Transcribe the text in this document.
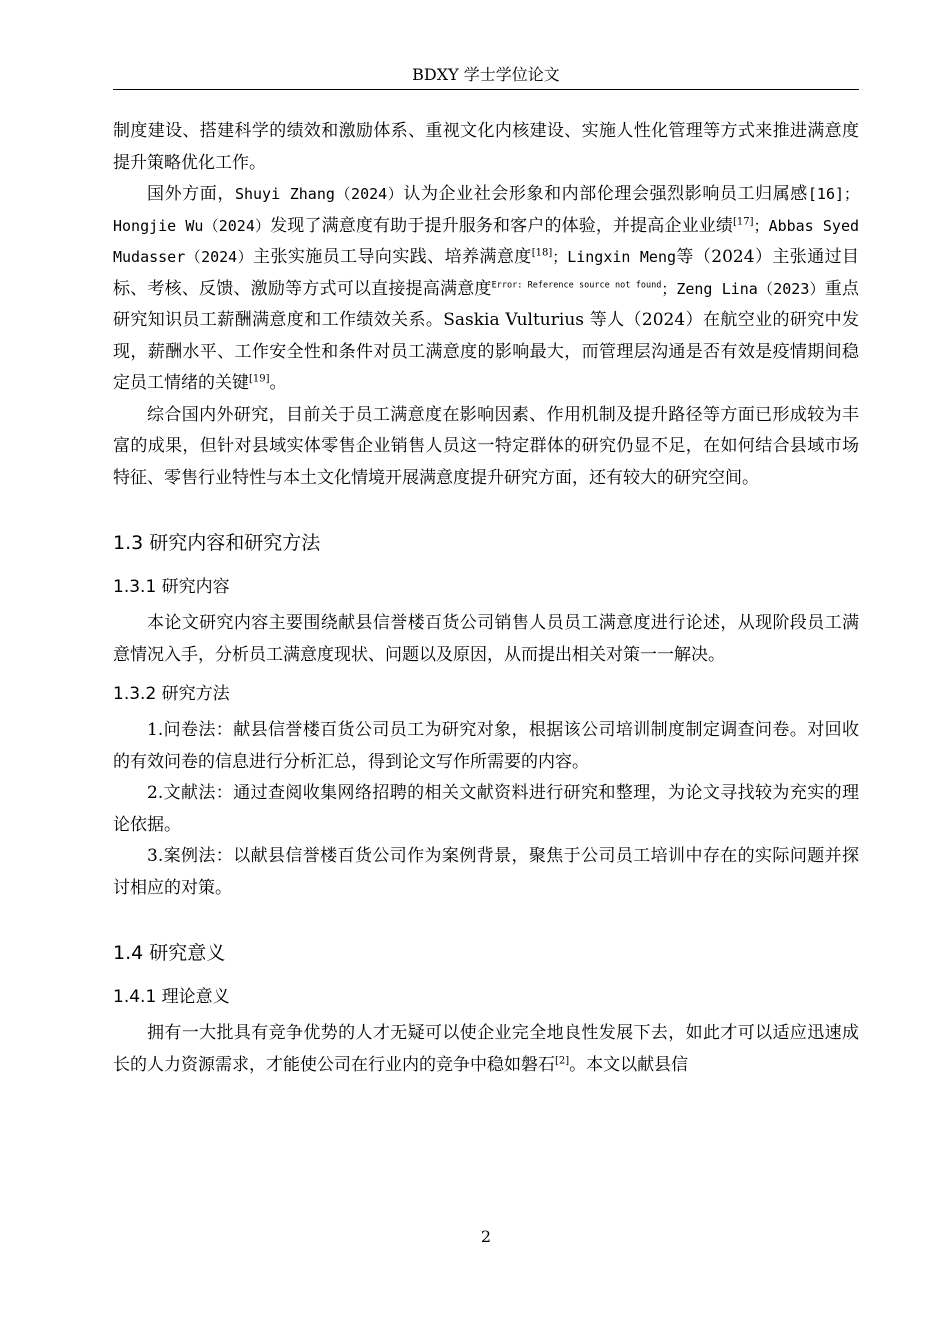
BDXY 学士学位论文

制度建设、搭建科学的绩效和激励体系、重视文化内核建设、实施人性化管理等方式来推进满意度提升策略优化工作。

国外方面，Shuyi Zhang（2024）认为企业社会形象和内部伦理会强烈影响员工归属感[16]；Hongjie Wu（2024）发现了满意度有助于提升服务和客户的体验，并提高企业业绩[17]；Abbas Syed Mudasser（2024）主张实施员工导向实践、培养满意度[18]；Lingxin Meng等（2024）主张通过目标、考核、反馈、激励等方式可以直接提高满意度$^{Error: Reference source not found}$；Zeng Lina（2023）重点研究知识员工薪酬满意度和工作绩效关系。Saskia Vulturius 等人（2024）在航空业的研究中发现，薪酬水平、工作安全性和条件对员工满意度的影响最大，而管理层沟通是否有效是疫情期间稳定员工情绪的关键[19]。

综合国内外研究，目前关于员工满意度在影响因素、作用机制及提升路径等方面已形成较为丰富的成果，但针对县域实体零售企业销售人员这一特定群体的研究仍显不足，在如何结合县域市场特征、零售行业特性与本土文化情境开展满意度提升研究方面，还有较大的研究空间。

1.3 研究内容和研究方法
1.3.1 研究内容

本论文研究内容主要围绕献县信誉楼百货公司销售人员员工满意度进行论述，从现阶段员工满意情况入手，分析员工满意度现状、问题以及原因，从而提出相关对策一一解决。

1.3.2 研究方法

1.问卷法：献县信誉楼百货公司员工为研究对象，根据该公司培训制度制定调查问卷。对回收的有效问卷的信息进行分析汇总，得到论文写作所需要的内容。

2.文献法：通过查阅收集网络招聘的相关文献资料进行研究和整理，为论文寻找较为充实的理论依据。

3.案例法：以献县信誉楼百货公司作为案例背景，聚焦于公司员工培训中存在的实际问题并探讨相应的对策。

1.4 研究意义
1.4.1 理论意义

拥有一大批具有竞争优势的人才无疑可以使企业完全地良性发展下去，如此才可以适应迅速成长的人力资源需求，才能使公司在行业内的竞争中稳如磐石[2]。本文以献县信

2
